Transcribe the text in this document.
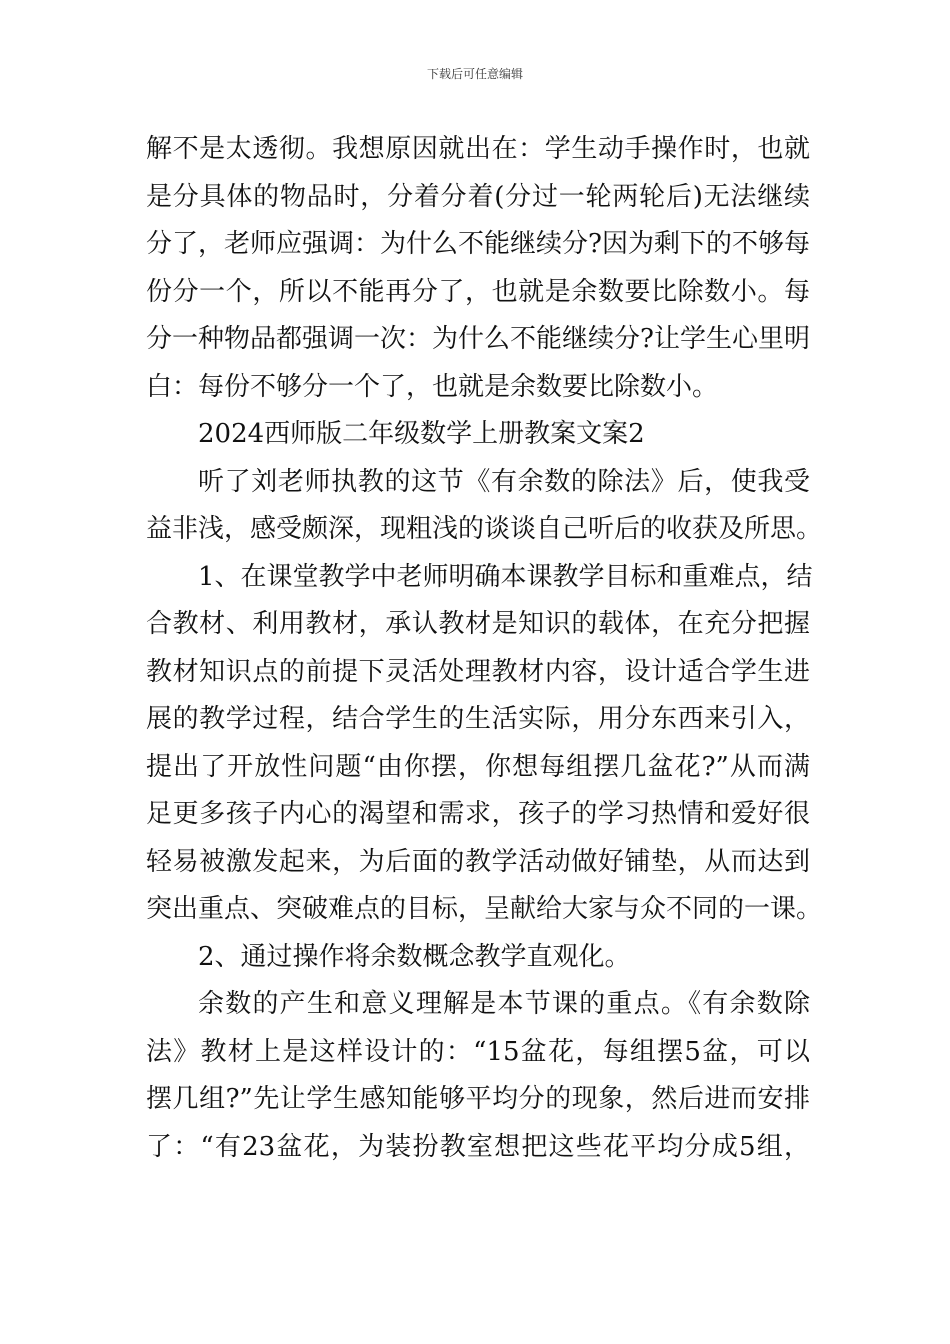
下载后可任意编辑
解不是太透彻。我想原因就出在：学生动手操作时，也就
是分具体的物品时，分着分着(分过一轮两轮后)无法继续
分了，老师应强调：为什么不能继续分?因为剩下的不够每
份分一个，所以不能再分了，也就是余数要比除数小。每
分一种物品都强调一次：为什么不能继续分?让学生心里明
白：每份不够分一个了，也就是余数要比除数小。
2024西师版二年级数学上册教案文案2
听了刘老师执教的这节《有余数的除法》后，使我受
益非浅，感受颇深，现粗浅的谈谈自己听后的收获及所思。
1、在课堂教学中老师明确本课教学目标和重难点，结
合教材、利用教材，承认教材是知识的载体，在充分把握
教材知识点的前提下灵活处理教材内容，设计适合学生进
展的教学过程，结合学生的生活实际，用分东西来引入，
提出了开放性问题“由你摆，你想每组摆几盆花?”从而满
足更多孩子内心的渴望和需求，孩子的学习热情和爱好很
轻易被激发起来，为后面的教学活动做好铺垫，从而达到
突出重点、突破难点的目标，呈献给大家与众不同的一课。
2、通过操作将余数概念教学直观化。
余数的产生和意义理解是本节课的重点。《有余数除
法》教材上是这样设计的：“15盆花，每组摆5盆，可以
摆几组?”先让学生感知能够平均分的现象，然后进而安排
了：“有23盆花，为装扮教室想把这些花平均分成5组，
